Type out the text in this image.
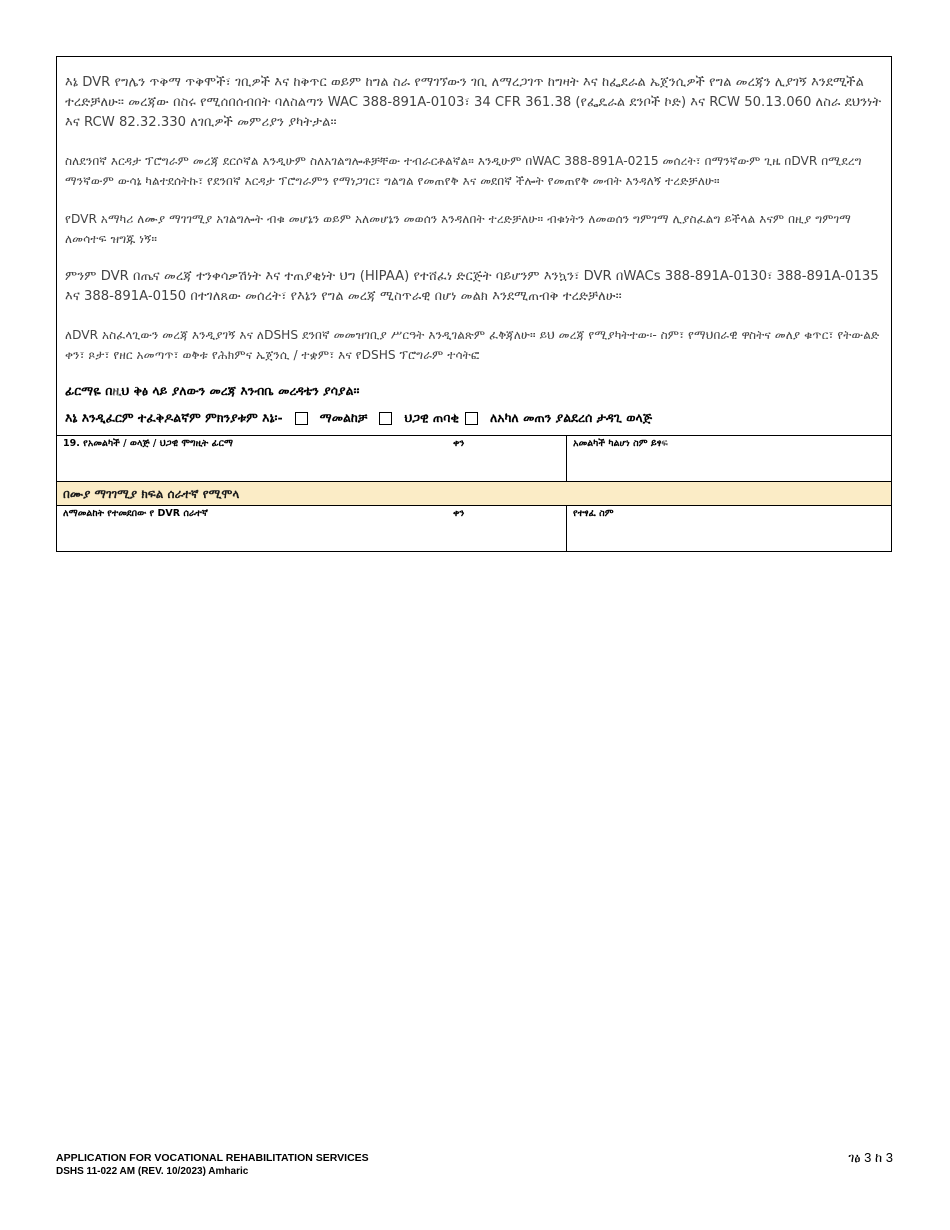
እኔ DVR የግሌን ጥቅማ ጥቅሞች፣ ገቢዎች እና ከቅጥር ወይም ከግል ስራ የማገኘውን ገቢ ለማረጋገጥ ከግዛት እና ከፌደራል ኤጀንሲዎች የግል መረጃን ሊያገኝ እንደሚችል ተረድቻለሁ። መረጃው በስሩ የሚሰበሰብበት ባለስልጣን WAC 388-891A-0103፣ 34 CFR 361.38 (የፌዴራል ደንቦች ኮድ) እና RCW 50.13.060 ለስራ ደህንነት እና RCW 82.32.330 ለገቢዎች መምሪያን ያካትታል።

ስለደንበኛ እርዳታ ፕሮግራም መረጃ ደርሶኛል እንዲሁም ስለአገልግሎቶቻቸው ተብራርቶልኛል። እንዲሁም በWAC 388-891A-0215 መሰረት፣ በማንኛውም ጊዜ በDVR በሚደረግ ማንኛውም ውሳኔ ካልተደሰትኩ፣ የደንበኛ እርዳታ ፕሮግራምን የማነጋገር፣ ግልግል የመጠየቅ እና መደበኛ ችሎት የመጠየቅ መብት እንዳለኝ ተረድቻለሁ።

የDVR አማካሪ ለሙያ ማገገሚያ አገልግሎት ብቁ መሆኔን ወይም አለመሆኔን መወሰን እንዳለበት ተረድቻለሁ። ብቁነትን ለመወሰን ግምገማ ሊያስፈልግ ይችላል እናም በዚያ ግምገማ ለመሳተፍ ዝግጁ ነኝ።

ምንም DVR በጤና መረጃ ተንቀሳቃሽነት እና ተጠያቂነት ህግ (HIPAA) የተሸፈነ ድርጅት ባይሆንም እንኳን፣ DVR በWACs 388-891A-0130፣ 388-891A-0135 እና 388-891A-0150 በተገለጸው መሰረት፣ የእኔን የግል መረጃ ሚስጥራዊ በሆነ መልክ እንደሚጠብቅ ተረድቻለሁ።

ለDVR አስፈላጊውን መረጃ እንዲያገኝ እና ለDSHS ደንበኛ መመዝገቢያ ሥርዓት እንዲገልጽም ፈቅጃለሁ። ይህ መረጃ የሚያካትተው፡- ስም፣ የማህበራዊ ዋስትና መለያ ቁጥር፣ የትውልድ ቀን፣ ጾታ፣ የዘር አመጣጥ፣ ወቅቱ የሕክምና ኤጀንሲ / ተቋም፣ እና የDSHS ፕሮግራም ተሳትፎ

ፊርማዬ በዚህ ቅፅ ላይ ያለውን መረጃ እንብቤ መረዳቴን ያሳያል፡፡
እኔ እንዲፈርም ተፈቅዶልኛም ምክንያቱም እኔ፡-	ማመልከቻ	ህጋዊ ጠባቂ ለአካለ መጠን ያልደረሰ ታዳጊ ወላጅ
19. የአመልካች / ወላጅ / ህጋዊ ሞግዚት ፊርማ	ቀን	አመልካች ካልሆነ ስም ይፃፍ
በሙያ ማገገሚያ ክፍል ሰራተኛ የሚሞላ
ለማመልከት የተመደበው የ DVR ሰራተኛ	ቀን	የተፃፈ ስም
APPLICATION FOR VOCATIONAL REHABILITATION SERVICES
DSHS 11-022 AM (REV. 10/2023) Amharic
ገፅ 3 ከ 3
